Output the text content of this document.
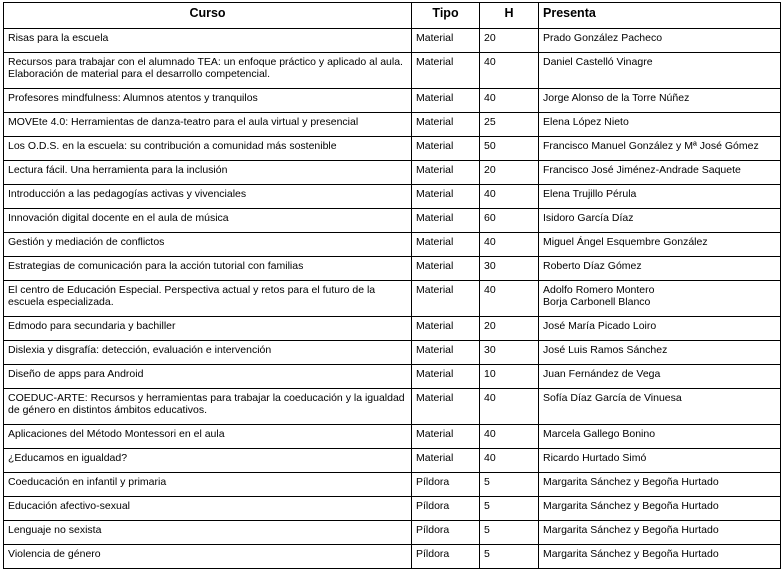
Curso	Tipo	H	Presenta
Risas para la escuela	Material	20	Prado González Pacheco

Recursos para trabajar con el alumnado TEA: un enfoque práctico y aplicado al aula. Elaboración de material para el desarrollo competencial.	Material	40	Daniel Castelló Vinagre

Profesores mindfulness: Alumnos atentos y tranquilos	Material	40	Jorge Alonso de la Torre Núñez

MOVEte 4.0: Herramientas de danza-teatro para el aula virtual y presencial	Material	25	Elena López Nieto

Los O.D.S. en la escuela: su contribución a comunidad más sostenible	Material	50	Francisco Manuel González y Mª José Gómez

Lectura fácil. Una herramienta para la inclusión	Material	20	Francisco José Jiménez-Andrade Saquete

Introducción a las pedagogías activas y vivenciales	Material	40	Elena Trujillo Pérula

Innovación digital docente en el aula de música	Material	60	Isidoro García Díaz

Gestión y mediación de conflictos	Material	40	Miguel Ángel Esquembre González

Estrategias de comunicación para la acción tutorial con familias	Material	30	Roberto Díaz Gómez

El centro de Educación Especial. Perspectiva actual y retos para el futuro de la escuela especializada.	Material	40	Adolfo Romero Montero
Borja Carbonell Blanco

Edmodo para secundaria y bachiller	Material	20	José María Picado Loiro

Dislexia y disgrafía: detección, evaluación e intervención	Material	30	José Luis Ramos Sánchez

Diseño de apps para Android	Material	10	Juan Fernández de Vega

COEDUC-ARTE: Recursos y herramientas para trabajar la coeducación y la igualdad de género en distintos ámbitos educativos.	Material	40	Sofía Díaz García de Vinuesa

Aplicaciones del Método Montessori en el aula	Material	40	Marcela Gallego Bonino

¿Educamos en igualdad?	Material	40	Ricardo Hurtado Simó

Coeducación en infantil y primaria	Píldora	5	Margarita Sánchez y Begoña Hurtado

Educación afectivo-sexual	Píldora	5	Margarita Sánchez y Begoña Hurtado

Lenguaje no sexista	Píldora	5	Margarita Sánchez y Begoña Hurtado

Violencia de género	Píldora	5	Margarita Sánchez y Begoña Hurtado
